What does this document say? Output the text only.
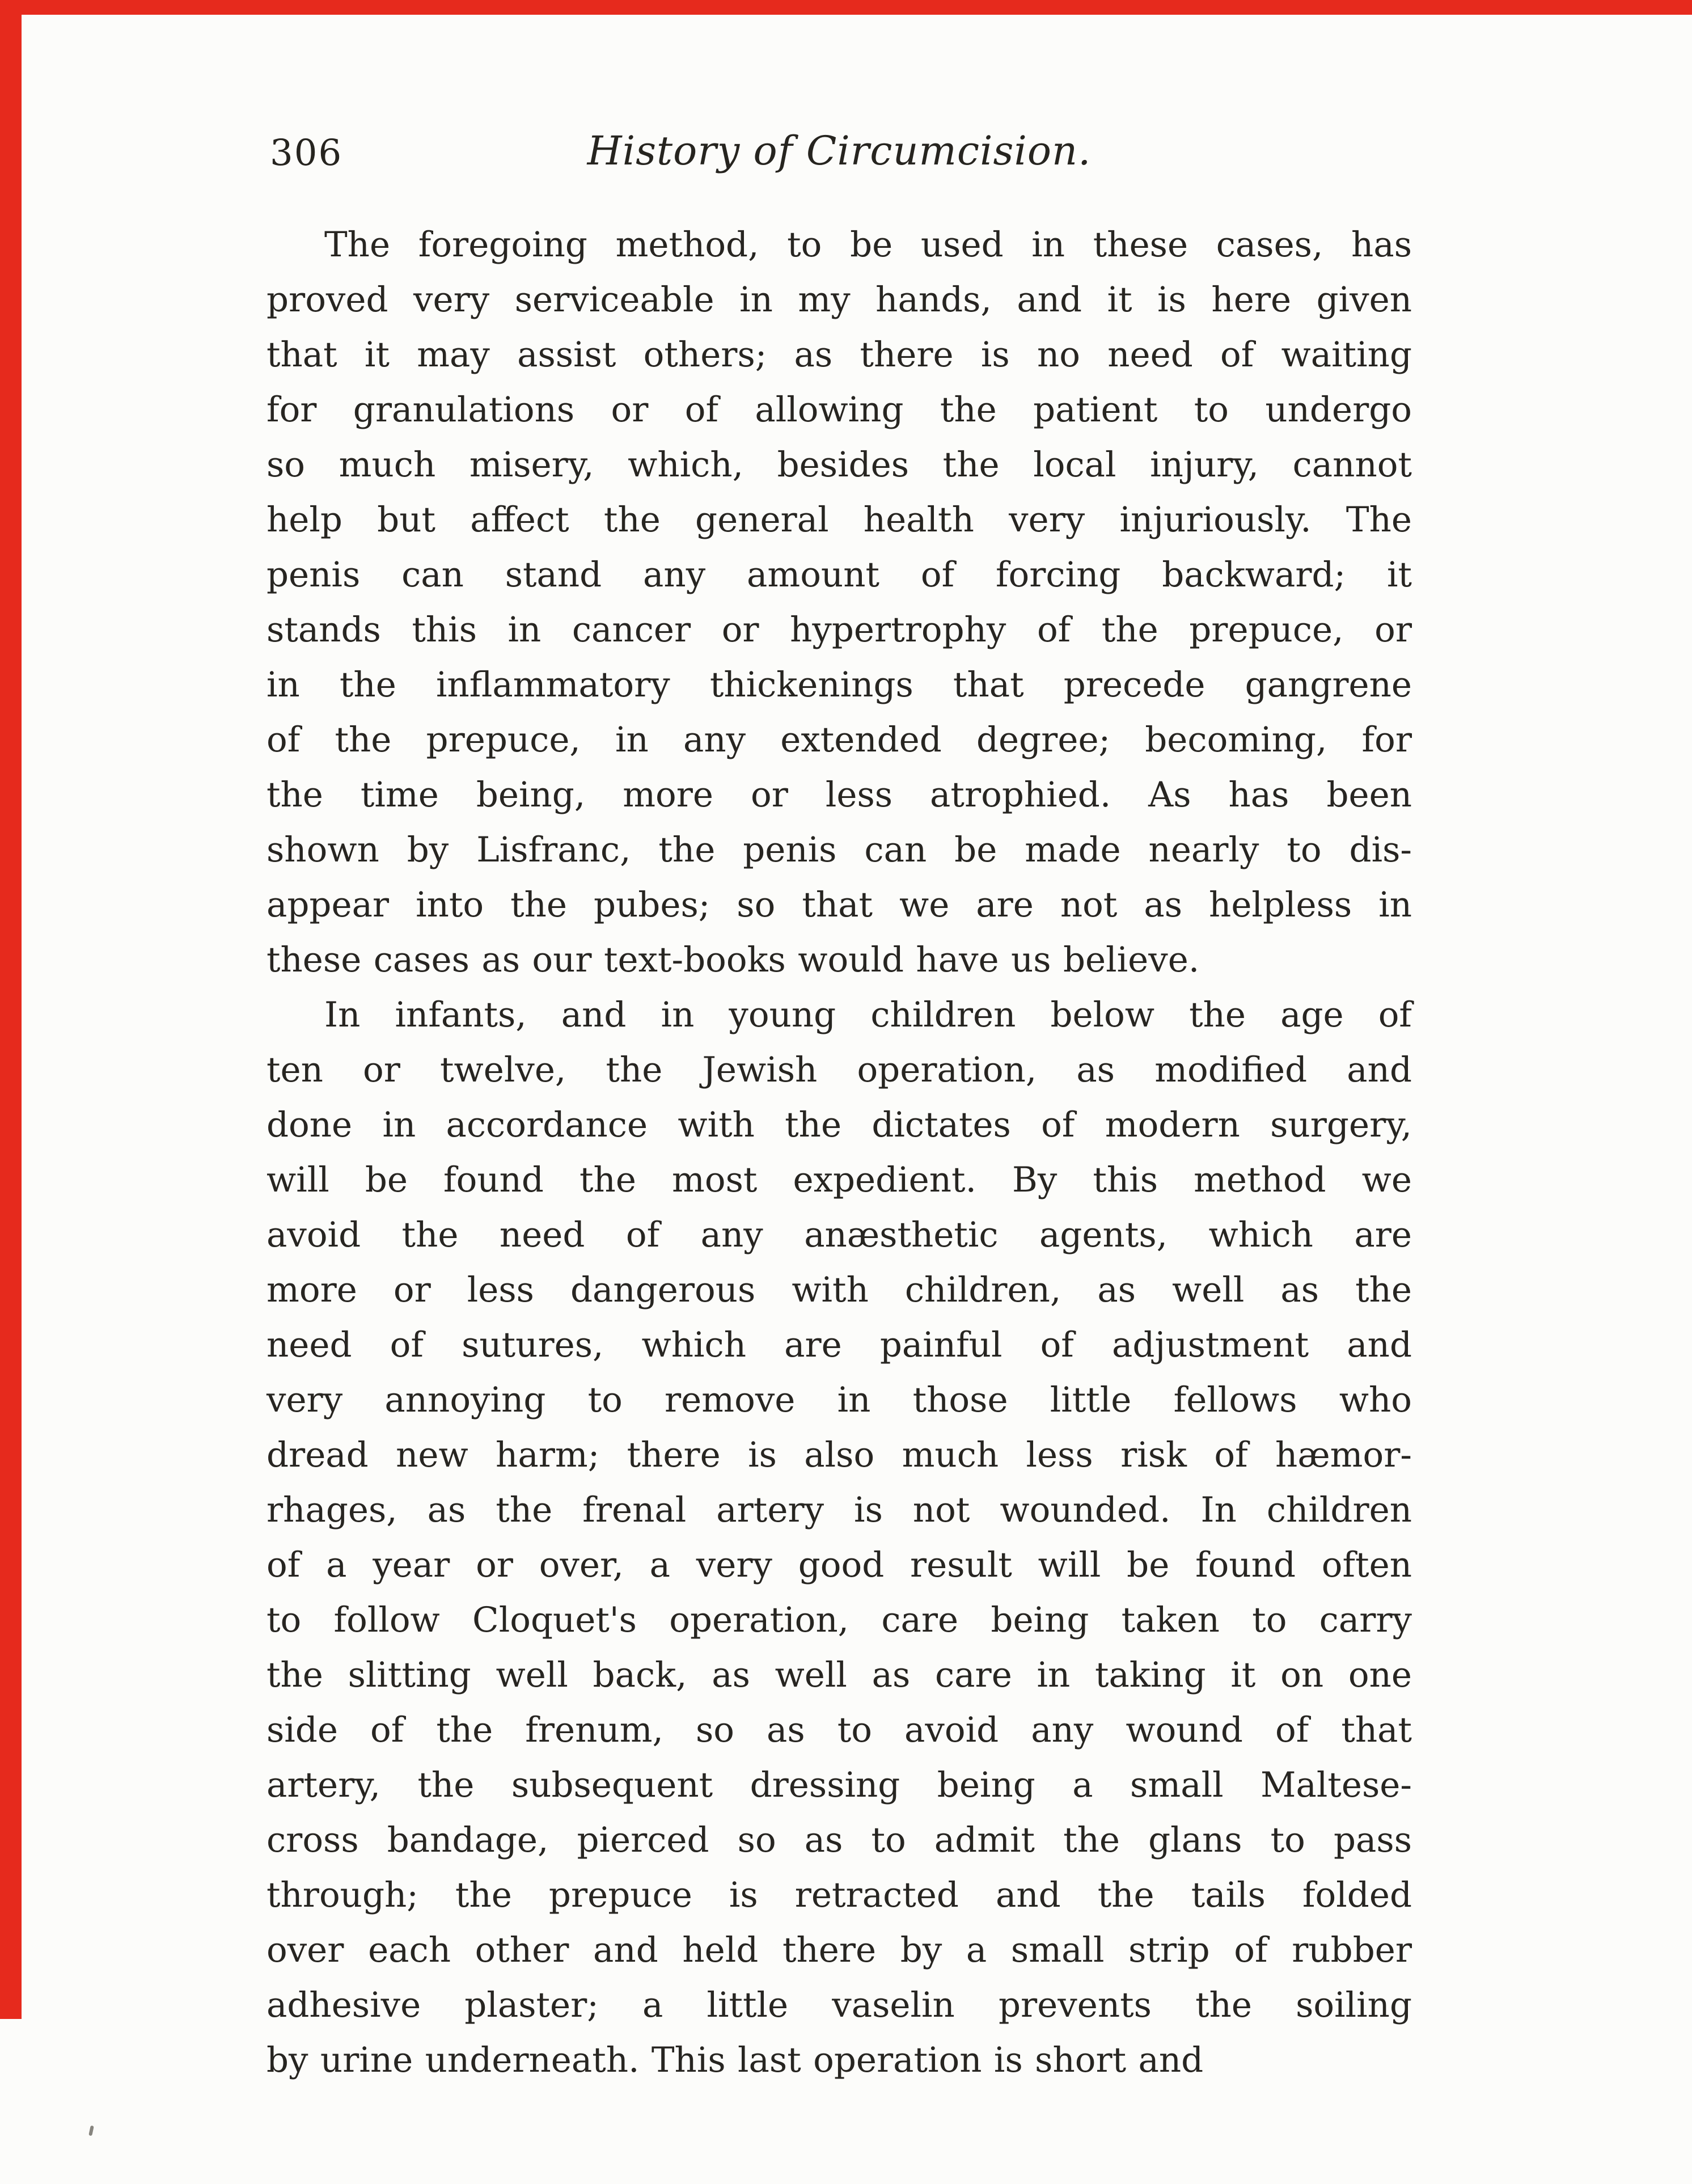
306	History of Circumcision.
The foregoing method, to be used in these cases, has
proved very serviceable in my hands, and it is here given
that it may assist others; as there is no need of waiting
for granulations or of allowing the patient to undergo
so much misery, which, besides the local injury, cannot
help but affect the general health very injuriously. The
penis can stand any amount of forcing backward; it
stands this in cancer or hypertrophy of the prepuce, or
in the inflammatory thickenings that precede gangrene
of the prepuce, in any extended degree; becoming, for
the time being, more or less atrophied. As has been
shown by Lisfranc, the penis can be made nearly to dis-
appear into the pubes; so that we are not as helpless in
these cases as our text-books would have us believe.
In infants, and in young children below the age of
ten or twelve, the Jewish operation, as modified and
done in accordance with the dictates of modern surgery,
will be found the most expedient. By this method we
avoid the need of any anæsthetic agents, which are
more or less dangerous with children, as well as the
need of sutures, which are painful of adjustment and
very annoying to remove in those little fellows who
dread new harm; there is also much less risk of hæmor-
rhages, as the frenal artery is not wounded. In children
of a year or over, a very good result will be found often
to follow Cloquet's operation, care being taken to carry
the slitting well back, as well as care in taking it on one
side of the frenum, so as to avoid any wound of that
artery, the subsequent dressing being a small Maltese-
cross bandage, pierced so as to admit the glans to pass
through; the prepuce is retracted and the tails folded
over each other and held there by a small strip of rubber
adhesive plaster; a little vaselin prevents the soiling
by urine underneath. This last operation is short and
